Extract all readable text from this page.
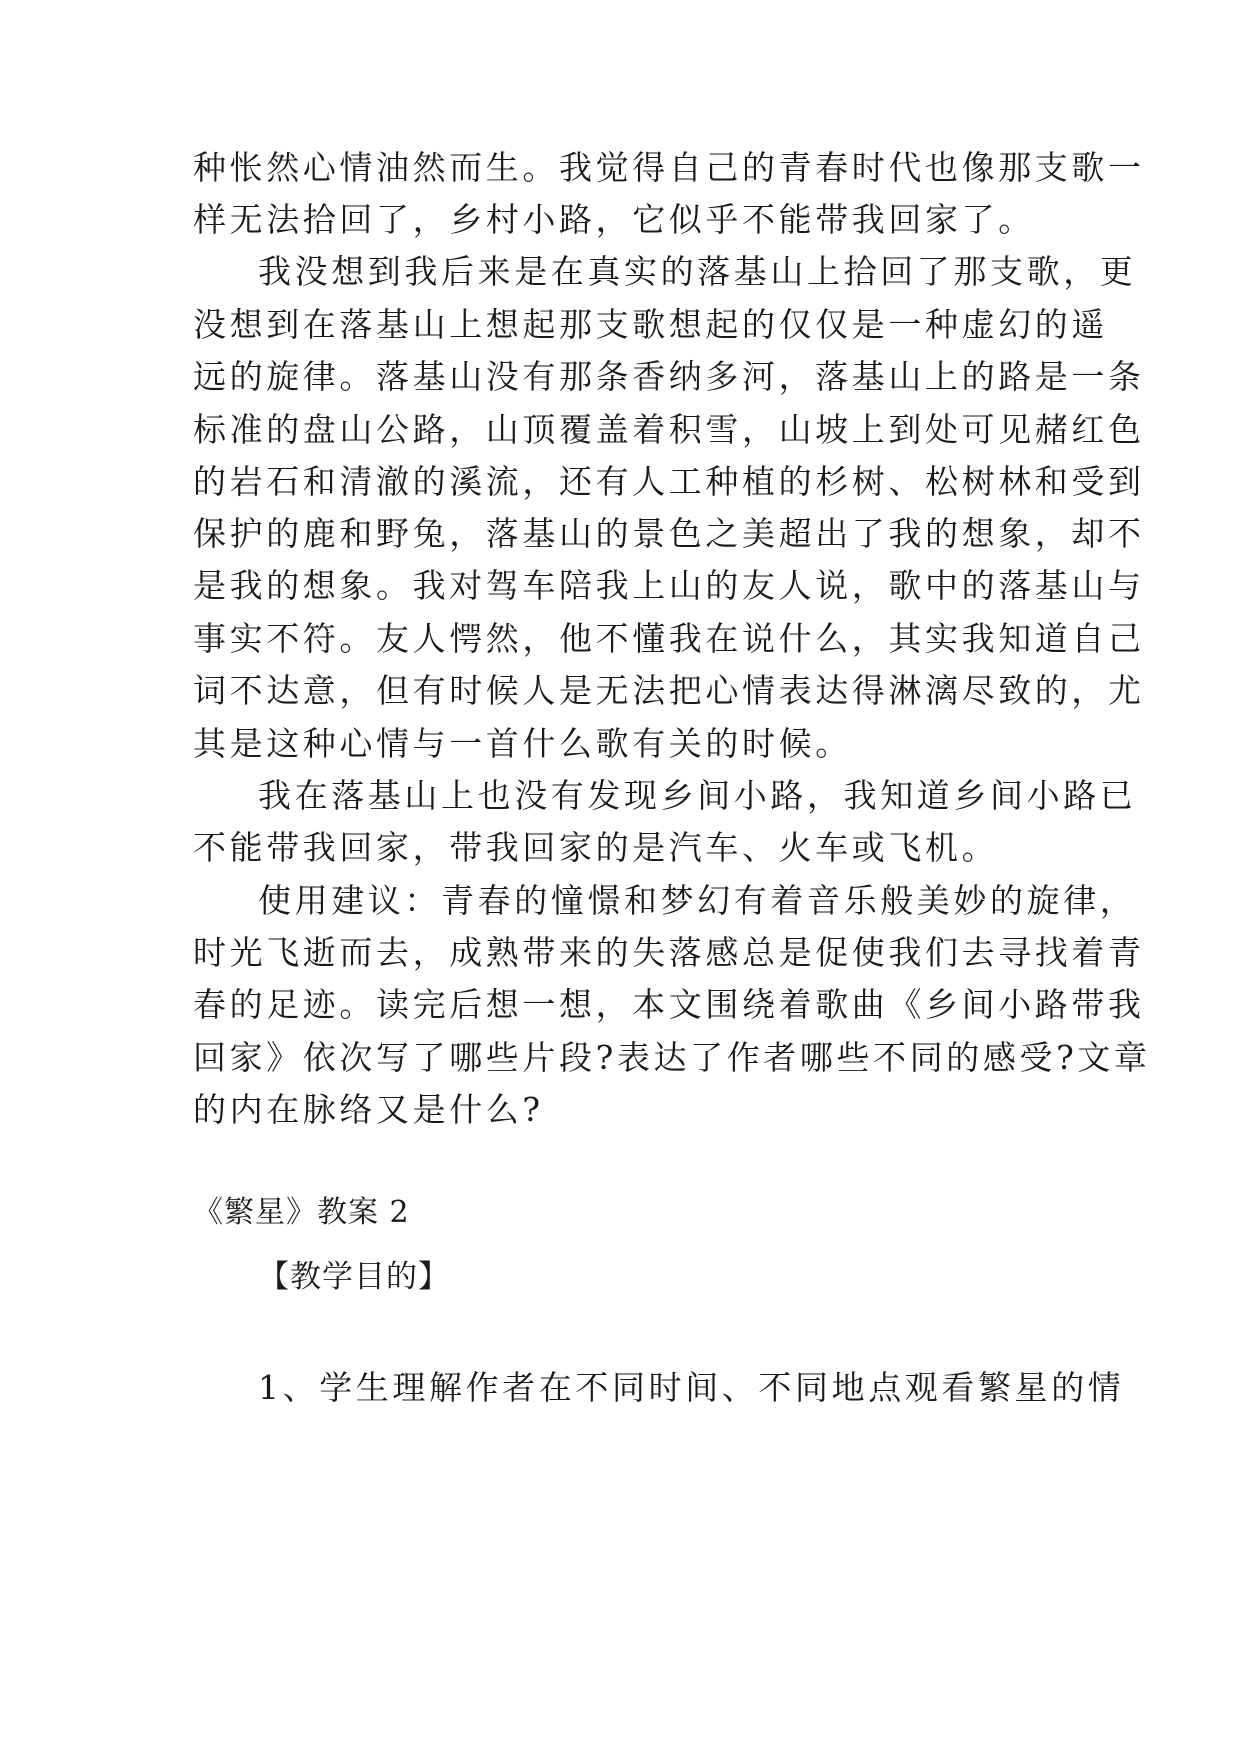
种怅然心情油然而生。我觉得自己的青春时代也像那支歌一
样无法拾回了，乡村小路，它似乎不能带我回家了。
我没想到我后来是在真实的落基山上拾回了那支歌，更
没想到在落基山上想起那支歌想起的仅仅是一种虚幻的遥
远的旋律。落基山没有那条香纳多河，落基山上的路是一条
标准的盘山公路，山顶覆盖着积雪，山坡上到处可见赭红色
的岩石和清澈的溪流，还有人工种植的杉树、松树林和受到
保护的鹿和野兔，落基山的景色之美超出了我的想象，却不
是我的想象。我对驾车陪我上山的友人说，歌中的落基山与
事实不符。友人愕然，他不懂我在说什么，其实我知道自己
词不达意，但有时候人是无法把心情表达得淋漓尽致的，尤
其是这种心情与一首什么歌有关的时候。
我在落基山上也没有发现乡间小路，我知道乡间小路已
不能带我回家，带我回家的是汽车、火车或飞机。
使用建议：青春的憧憬和梦幻有着音乐般美妙的旋律，
时光飞逝而去，成熟带来的失落感总是促使我们去寻找着青
春的足迹。读完后想一想，本文围绕着歌曲《乡间小路带我
回家》依次写了哪些片段?表达了作者哪些不同的感受?文章
的内在脉络又是什么?
《繁星》教案 2
【教学目的】
1、学生理解作者在不同时间、不同地点观看繁星的情
